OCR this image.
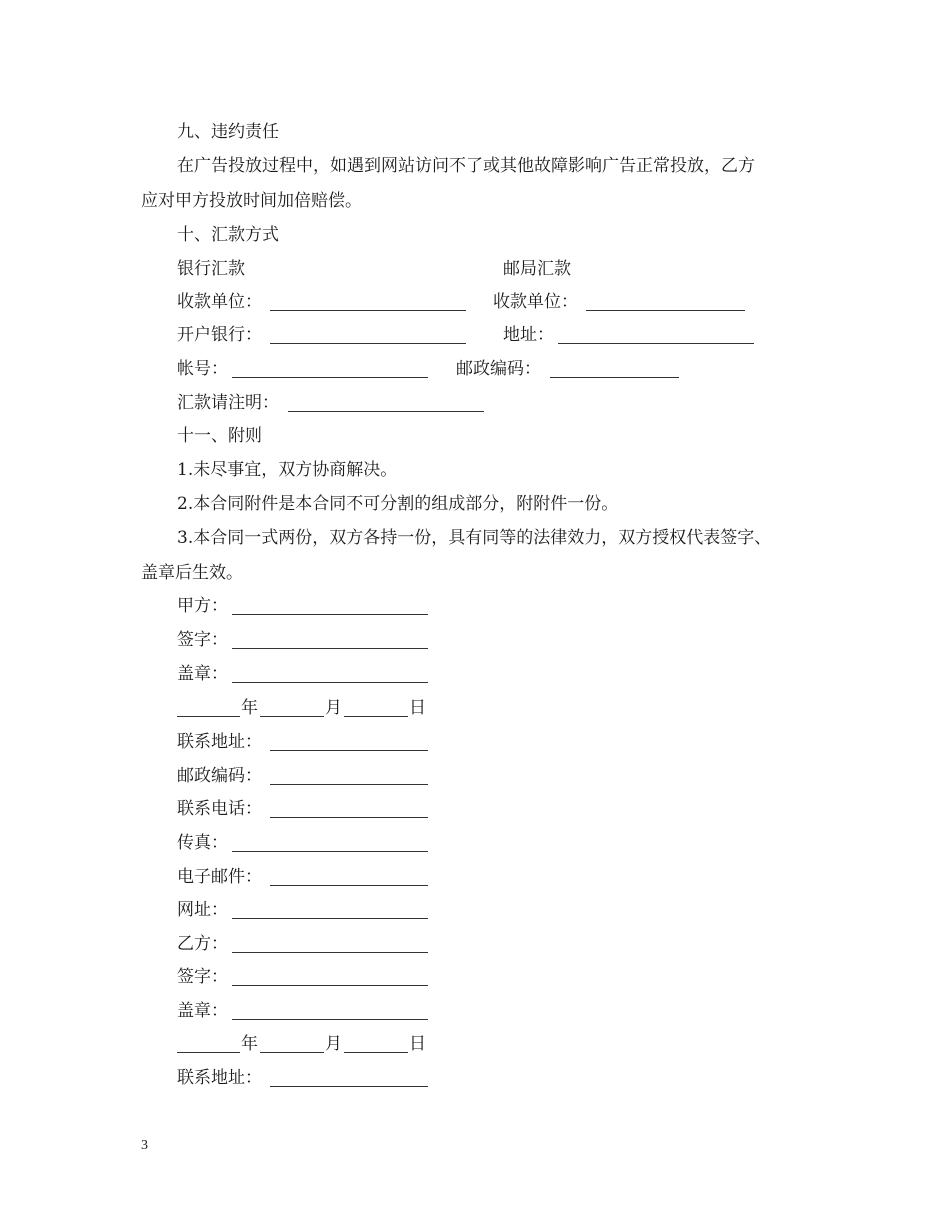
九、违约责任
在广告投放过程中，如遇到网站访问不了或其他故障影响广告正常投放，乙方
应对甲方投放时间加倍赔偿。
十、汇款方式
银行汇款	邮局汇款
收款单位：	收款单位：
开户银行：	地址：
帐号：	邮政编码：
汇款请注明：
十一、附则
1.未尽事宜，双方协商解决。
2.本合同附件是本合同不可分割的组成部分，附附件一份。
3.本合同一式两份，双方各持一份，具有同等的法律效力，双方授权代表签字、
盖章后生效。
甲方：
签字：
盖章：
年	月	日
联系地址：
邮政编码：
联系电话：
传真：
电子邮件：
网址：
乙方：
签字：
盖章：
年	月	日
联系地址：
3
